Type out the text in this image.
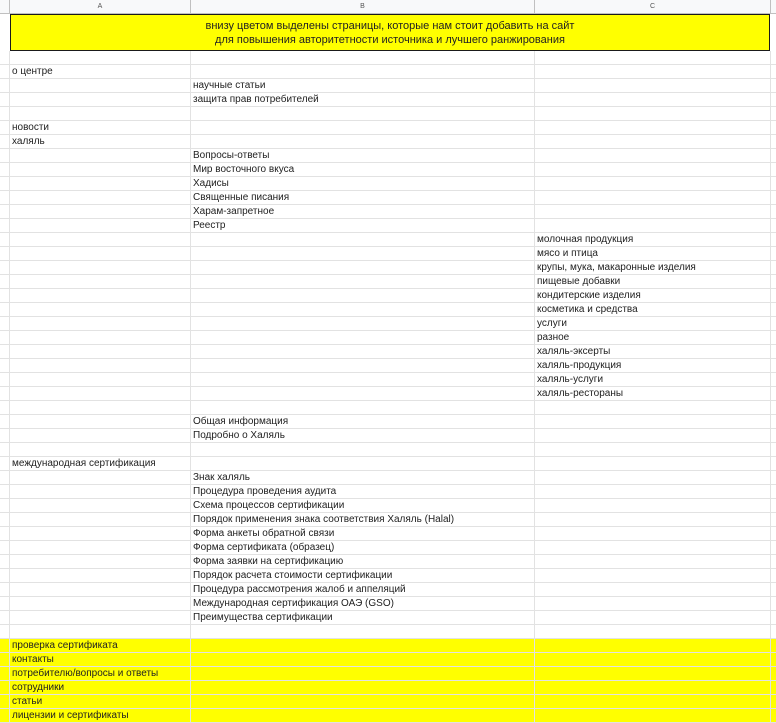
A	B	C
внизу цветом выделены страницы, которые нам стоит добавить на сайт
для повышения авторитетности источника и лучшего ранжирования
о центре
научные статьи
защита прав потребителей
новости
халяль
Вопросы-ответы
Мир восточного вкуса
Хадисы
Священные писания
Харам-запретное
Реестр
молочная продукция
мясо и птица
крупы, мука, макаронные изделия
пищевые добавки
кондитерские изделия
косметика и средства
услуги
разное
халяль-эксерты
халяль-продукция
халяль-услуги
халяль-рестораны
Общая информация
Подробно о Халяль
международная сертификация
Знак халяль
Процедура проведения аудита
Схема процессов сертификации
Порядок применения знака соответствия Халяль (Halal)
Форма анкеты обратной связи
Форма сертификата (образец)
Форма заявки на сертификацию
Порядок расчета стоимости сертификации
Процедура рассмотрения жалоб и аппеляций
Международная сертификация ОАЭ (GSO)
Преимущества сертификации
проверка сертификата
контакты
потребителю/вопросы и ответы
сотрудники
статьи
лицензии и сертификаты
